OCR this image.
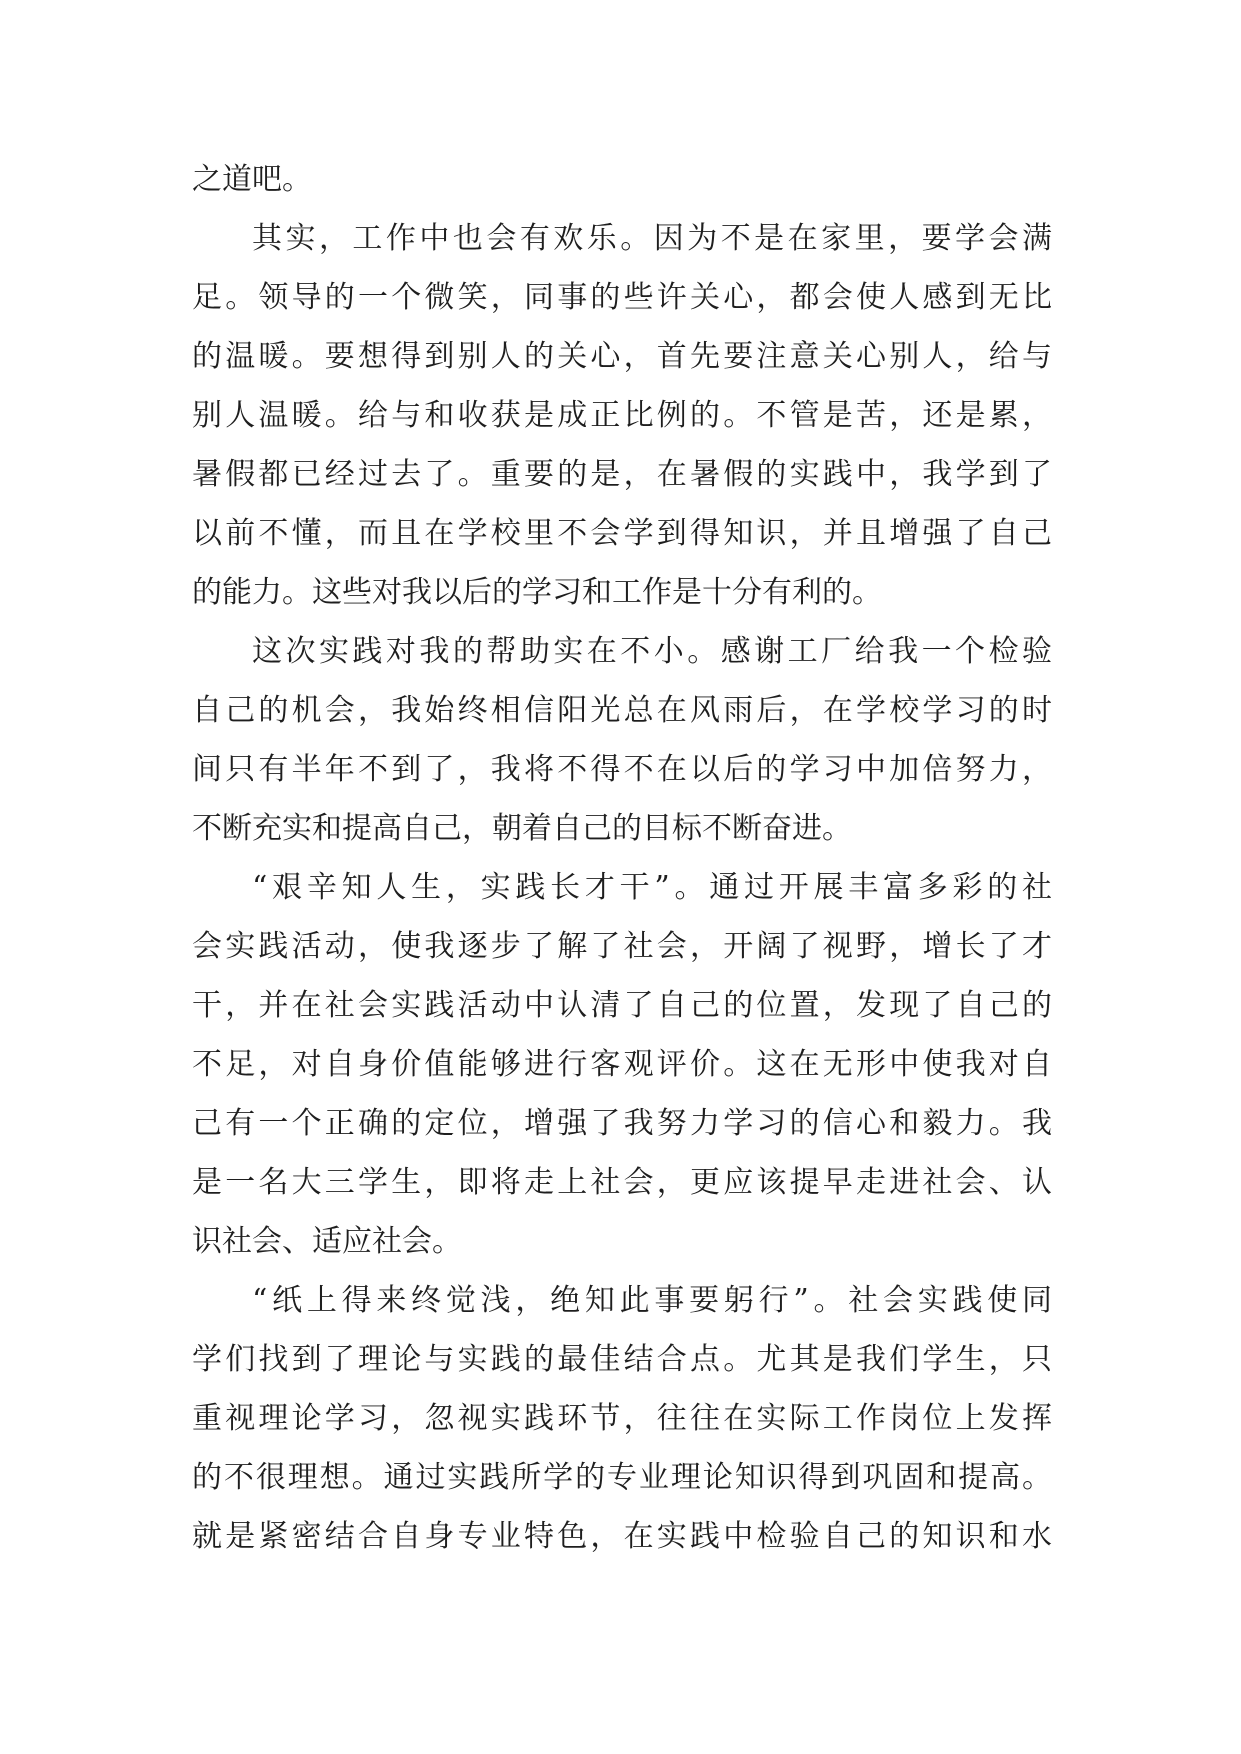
之道吧。
其实，工作中也会有欢乐。因为不是在家里，要学会满
足。领导的一个微笑，同事的些许关心，都会使人感到无比
的温暖。要想得到别人的关心，首先要注意关心别人，给与
别人温暖。给与和收获是成正比例的。不管是苦，还是累，
暑假都已经过去了。重要的是，在暑假的实践中，我学到了
以前不懂，而且在学校里不会学到得知识，并且增强了自己
的能力。这些对我以后的学习和工作是十分有利的。
这次实践对我的帮助实在不小。感谢工厂给我一个检验
自己的机会，我始终相信阳光总在风雨后，在学校学习的时
间只有半年不到了，我将不得不在以后的学习中加倍努力，
不断充实和提高自己，朝着自己的目标不断奋进。
“艰辛知人生，实践长才干”。通过开展丰富多彩的社
会实践活动，使我逐步了解了社会，开阔了视野，增长了才
干，并在社会实践活动中认清了自己的位置，发现了自己的
不足，对自身价值能够进行客观评价。这在无形中使我对自
己有一个正确的定位，增强了我努力学习的信心和毅力。我
是一名大三学生，即将走上社会，更应该提早走进社会、认
识社会、适应社会。
“纸上得来终觉浅，绝知此事要躬行”。社会实践使同
学们找到了理论与实践的最佳结合点。尤其是我们学生，只
重视理论学习，忽视实践环节，往往在实际工作岗位上发挥
的不很理想。通过实践所学的专业理论知识得到巩固和提高。
就是紧密结合自身专业特色，在实践中检验自己的知识和水
